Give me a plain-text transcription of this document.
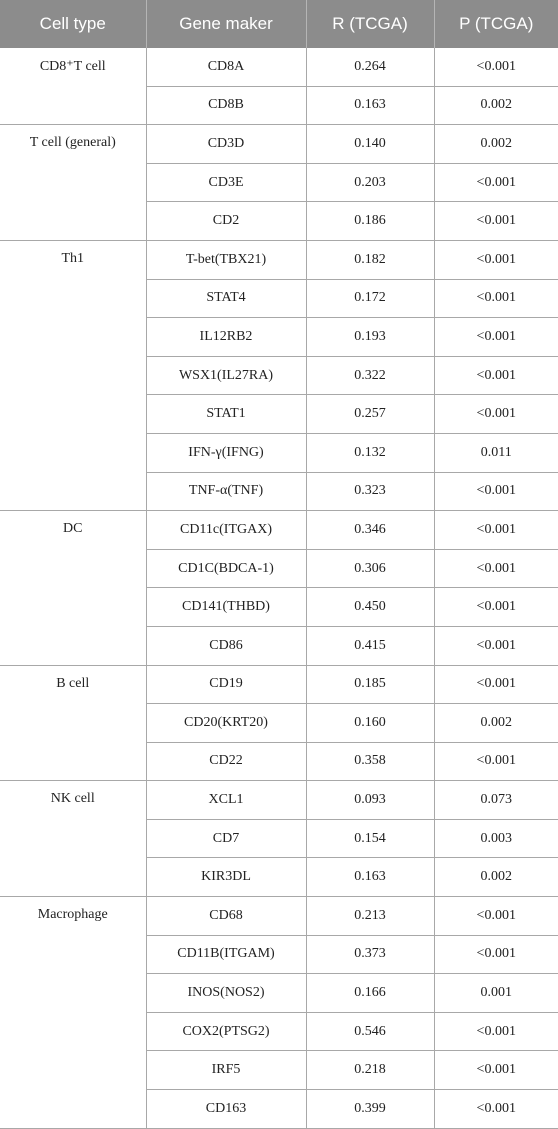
Cell type	Gene maker	R (TCGA)	P (TCGA)
CD8⁺T cell	CD8A	0.264	<0.001
	CD8B	0.163	0.002
T cell (general)	CD3D	0.140	0.002
	CD3E	0.203	<0.001
	CD2	0.186	<0.001
Th1	T-bet(TBX21)	0.182	<0.001
	STAT4	0.172	<0.001
	IL12RB2	0.193	<0.001
	WSX1(IL27RA)	0.322	<0.001
	STAT1	0.257	<0.001
	IFN-γ(IFNG)	0.132	0.011
	TNF-α(TNF)	0.323	<0.001
DC	CD11c(ITGAX)	0.346	<0.001
	CD1C(BDCA-1)	0.306	<0.001
	CD141(THBD)	0.450	<0.001
	CD86	0.415	<0.001
B cell	CD19	0.185	<0.001
	CD20(KRT20)	0.160	0.002
	CD22	0.358	<0.001
NK cell	XCL1	0.093	0.073
	CD7	0.154	0.003
	KIR3DL	0.163	0.002
Macrophage	CD68	0.213	<0.001
	CD11B(ITGAM)	0.373	<0.001
	INOS(NOS2)	0.166	0.001
	COX2(PTSG2)	0.546	<0.001
	IRF5	0.218	<0.001
	CD163	0.399	<0.001
